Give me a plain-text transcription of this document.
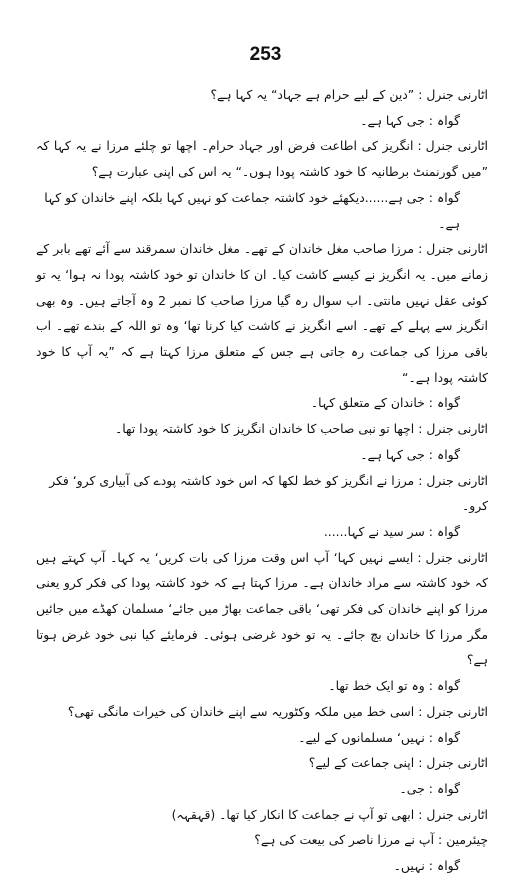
253

اٹارنی جنرل:”دین کے لیے حرام ہے جہاد“ یہ کہا ہے؟

گواہ:جی کہا ہے۔

اٹارنی جنرل:انگریز کی اطاعت فرض اور جہاد حرام۔ اچھا تو چلئے مرزا نے یہ کہا کہ ”میں گورنمنٹ برطانیہ کا خود کاشتہ پودا ہوں۔“ یہ اس کی اپنی عبارت ہے؟

گواہ:جی ہے......دیکھئے خود کاشتہ جماعت کو نہیں کہا بلکہ اپنے خاندان کو کہا ہے۔

اٹارنی جنرل:مرزا صاحب مغل خاندان کے تھے۔ مغل خاندان سمرقند سے آئے تھے بابر کے زمانے میں۔ یہ انگریز نے کیسے کاشت کیا۔ ان کا خاندان تو خود کاشتہ پودا نہ ہوا‘ یہ تو کوئی عقل نہیں مانتی۔ اب سوال رہ گیا مرزا صاحب کا نمبر 2 وہ آجاتے ہیں۔ وہ بھی انگریز سے پہلے کے تھے۔ اسے انگریز نے کاشت کیا کرنا تھا‘ وہ تو اللہ کے بندے تھے۔ اب باقی مرزا کی جماعت رہ جاتی ہے جس کے متعلق مرزا کہتا ہے کہ ”یہ آپ کا خود کاشتہ پودا ہے۔“

گواہ:خاندان کے متعلق کہا۔

اٹارنی جنرل:اچھا تو نبی صاحب کا خاندان انگریز کا خود کاشتہ پودا تھا۔

گواہ:جی کہا ہے۔

اٹارنی جنرل:مرزا نے انگریز کو خط لکھا کہ اس خود کاشتہ پودے کی آبیاری کرو‘ فکر کرو۔

گواہ:سر سید نے کہا......

اٹارنی جنرل:ایسے نہیں کہا‘ آپ اس وقت مرزا کی بات کریں‘ یہ کہا۔ آپ کہتے ہیں کہ خود کاشتہ سے مراد خاندان ہے۔ مرزا کہتا ہے کہ خود کاشتہ پودا کی فکر کرو یعنی مرزا کو اپنے خاندان کی فکر تھی‘ باقی جماعت بھاڑ میں جائے‘ مسلمان کھڈے میں جائیں مگر مرزا کا خاندان بچ جائے۔ یہ تو خود غرضی ہوئی۔ فرمایئے کیا نبی خود غرض ہوتا ہے؟

گواہ:وہ تو ایک خط تھا۔

اٹارنی جنرل:اسی خط میں ملکہ وکٹوریہ سے اپنے خاندان کی خیرات مانگی تھی؟

گواہ:نہیں‘ مسلمانوں کے لیے۔

اٹارنی جنرل:اپنی جماعت کے لیے؟

گواہ:جی۔

اٹارنی جنرل:ابھی تو آپ نے جماعت کا انکار کیا تھا۔ (قہقہہ)

چیئرمین:آپ نے مرزا ناصر کی بیعت کی ہے؟

گواہ:نہیں۔
